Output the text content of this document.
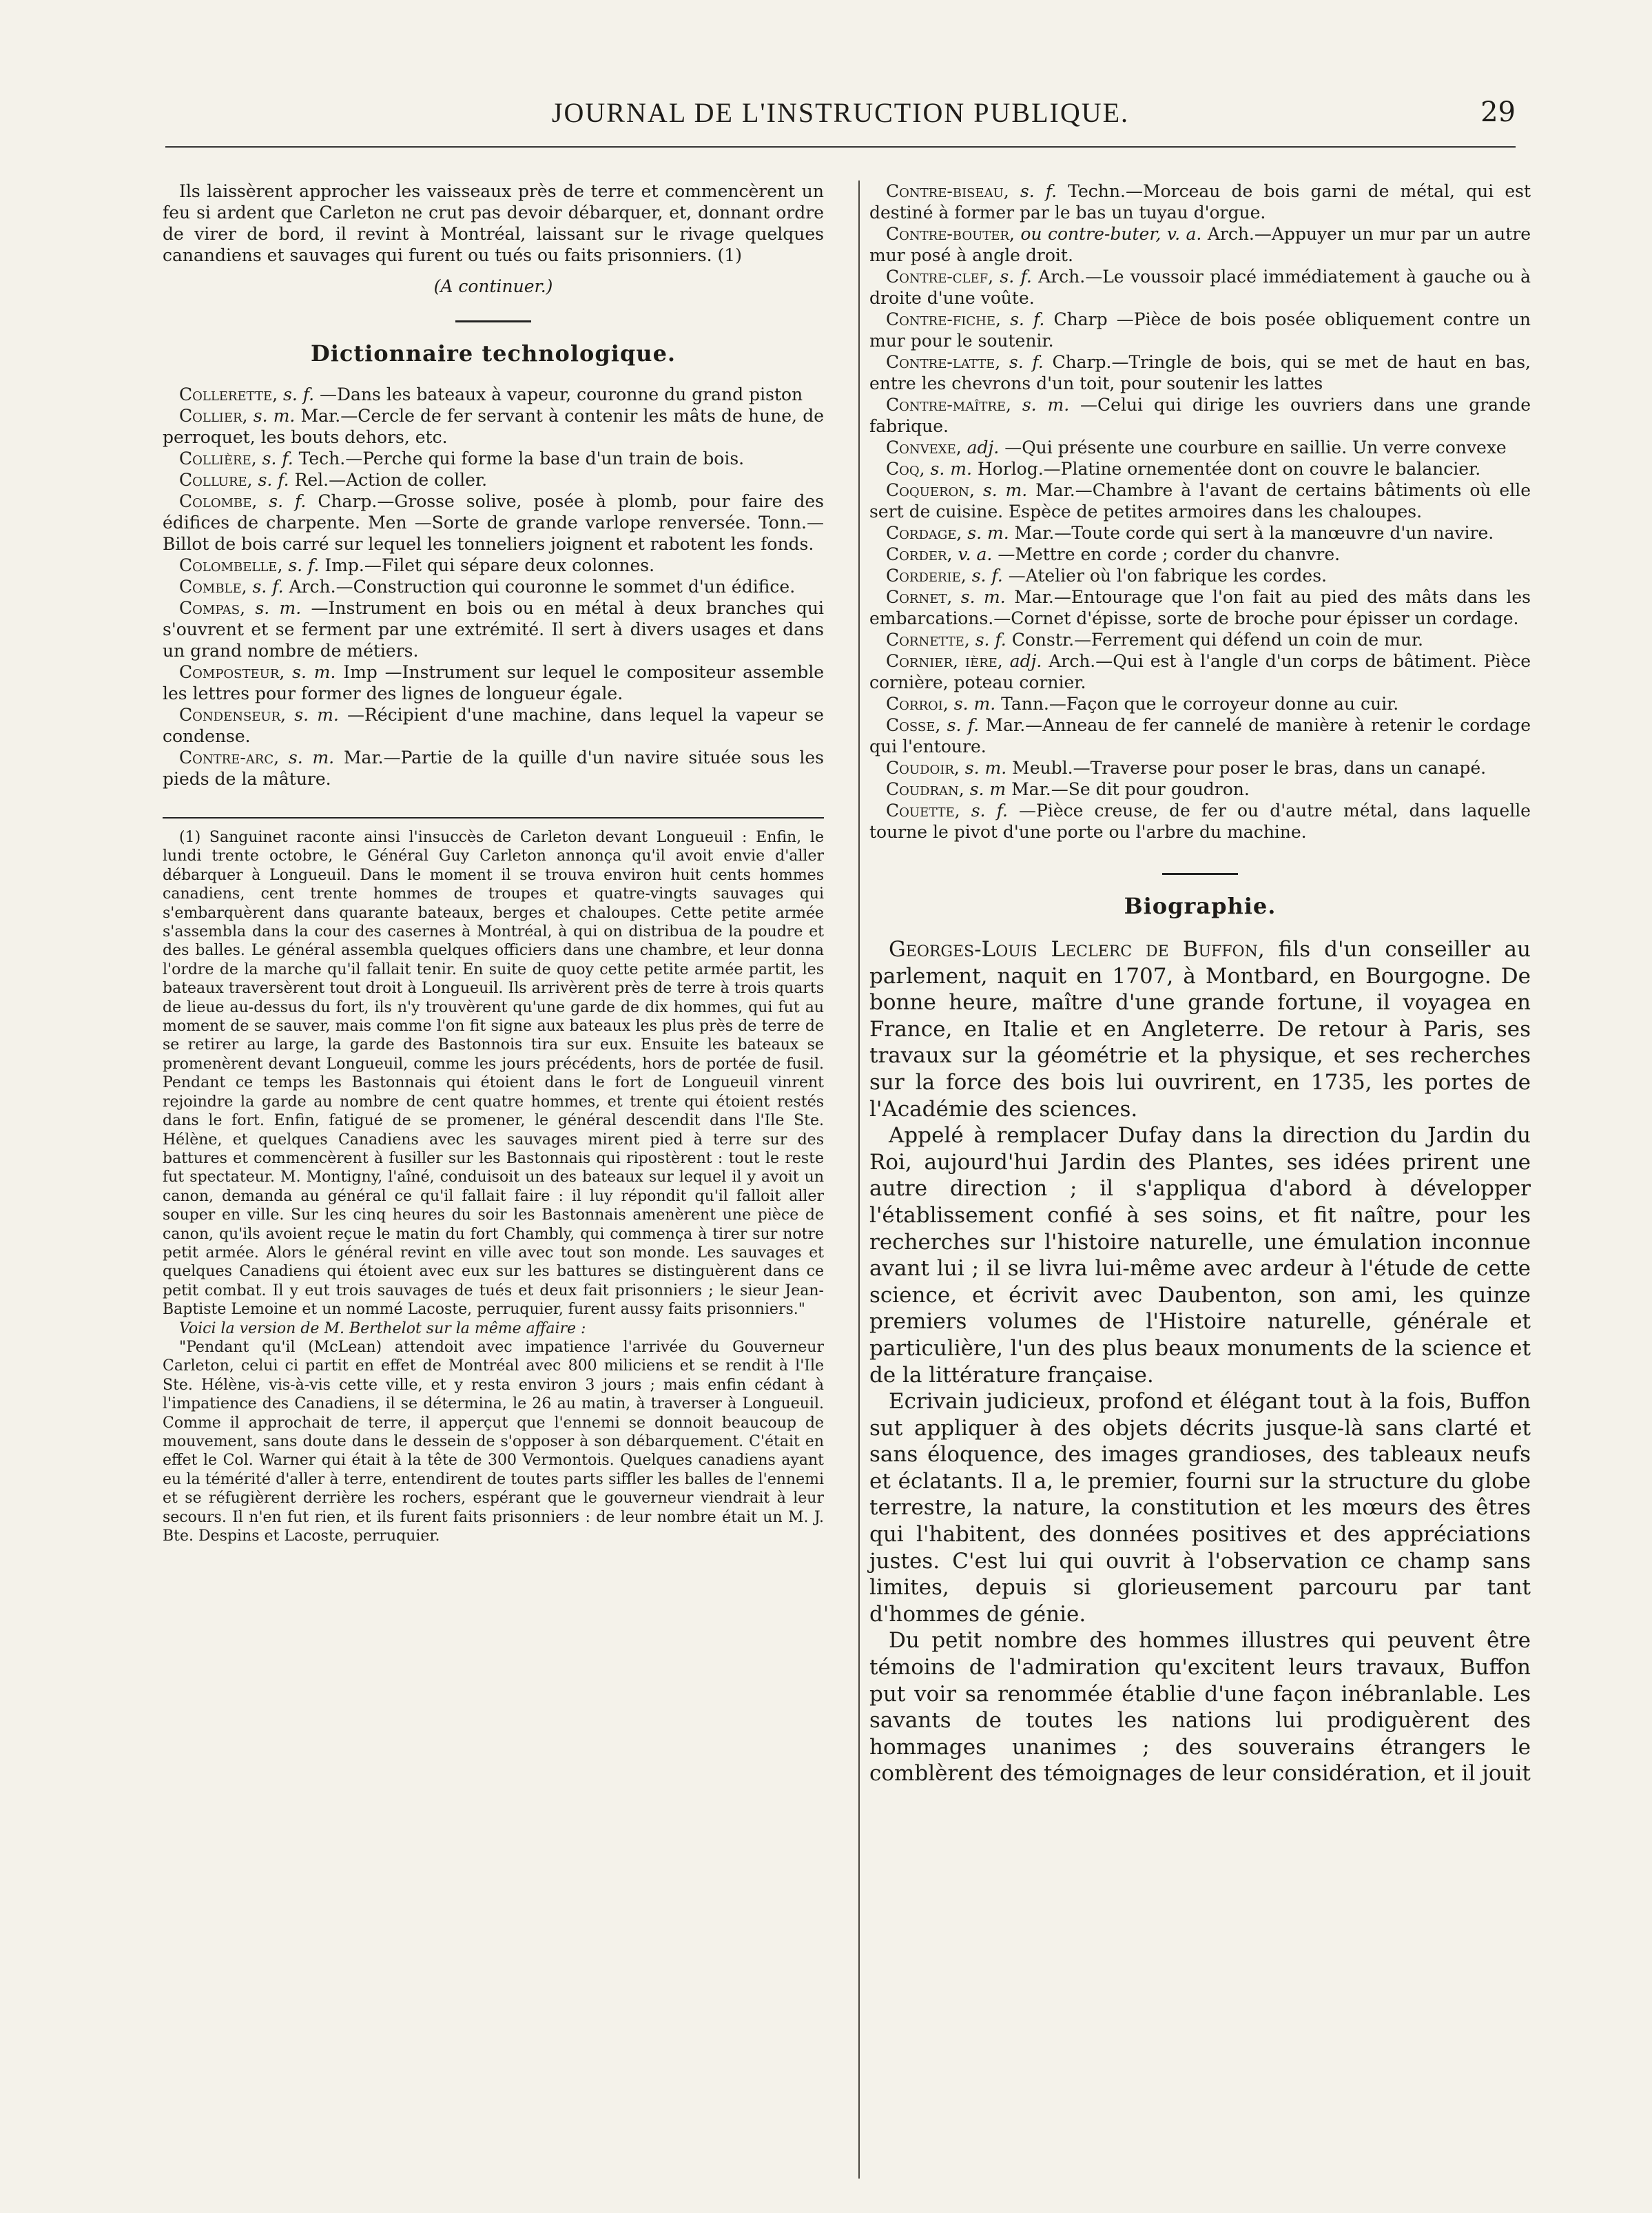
JOURNAL DE L'INSTRUCTION PUBLIQUE.	29

Ils laissèrent approcher les vaisseaux près de terre et commencèrent un feu si ardent que Carleton ne crut pas devoir débarquer, et, donnant ordre de virer de bord, il revint à Montréal, laissant sur le rivage quelques canandiens et sauvages qui furent ou tués ou faits prisonniers. (1)

(A continuer.)

Dictionnaire technologique.

Collerette, s. f. —Dans les bateaux à vapeur, couronne du grand piston

Collier, s. m. Mar.—Cercle de fer servant à contenir les mâts de hune, de perroquet, les bouts dehors, etc.

Collière, s. f. Tech.—Perche qui forme la base d'un train de bois.

Collure, s. f. Rel.—Action de coller.

Colombe, s. f. Charp.—Grosse solive, posée à plomb, pour faire des édifices de charpente. Men —Sorte de grande varlope renversée. Tonn.—Billot de bois carré sur lequel les tonneliers joignent et rabotent les fonds.

Colombelle, s. f. Imp.—Filet qui sépare deux colonnes.

Comble, s. f. Arch.—Construction qui couronne le sommet d'un édifice.

Compas, s. m. —Instrument en bois ou en métal à deux branches qui s'ouvrent et se ferment par une extrémité. Il sert à divers usages et dans un grand nombre de métiers.

Composteur, s. m. Imp —Instrument sur lequel le compositeur assemble les lettres pour former des lignes de longueur égale.

Condenseur, s. m. —Récipient d'une machine, dans lequel la vapeur se condense.

Contre-arc, s. m. Mar.—Partie de la quille d'un navire située sous les pieds de la mâture.

(1) Sanguinet raconte ainsi l'insuccès de Carleton devant Longueuil : Enfin, le lundi trente octobre, le Général Guy Carleton annonça qu'il avoit envie d'aller débarquer à Longueuil. Dans le moment il se trouva environ huit cents hommes canadiens, cent trente hommes de troupes et quatre-vingts sauvages qui s'embarquèrent dans quarante bateaux, berges et chaloupes. Cette petite armée s'assembla dans la cour des casernes à Montréal, à qui on distribua de la poudre et des balles. Le général assembla quelques officiers dans une chambre, et leur donna l'ordre de la marche qu'il fallait tenir. En suite de quoy cette petite armée partit, les bateaux traversèrent tout droit à Longueuil. Ils arrivèrent près de terre à trois quarts de lieue au-dessus du fort, ils n'y trouvèrent qu'une garde de dix hommes, qui fut au moment de se sauver, mais comme l'on fit signe aux bateaux les plus près de terre de se retirer au large, la garde des Bastonnois tira sur eux. Ensuite les bateaux se promenèrent devant Longueuil, comme les jours précédents, hors de portée de fusil. Pendant ce temps les Bastonnais qui étoient dans le fort de Longueuil vinrent rejoindre la garde au nombre de cent quatre hommes, et trente qui étoient restés dans le fort. Enfin, fatigué de se promener, le général descendit dans l'Ile Ste. Hélène, et quelques Canadiens avec les sauvages mirent pied à terre sur des battures et commencèrent à fusiller sur les Bastonnais qui ripostèrent : tout le reste fut spectateur. M. Montigny, l'aîné, conduisoit un des bateaux sur lequel il y avoit un canon, demanda au général ce qu'il fallait faire : il luy répondit qu'il falloit aller souper en ville. Sur les cinq heures du soir les Bastonnais amenèrent une pièce de canon, qu'ils avoient reçue le matin du fort Chambly, qui commença à tirer sur notre petit armée. Alors le général revint en ville avec tout son monde. Les sauvages et quelques Canadiens qui étoient avec eux sur les battures se distinguèrent dans ce petit combat. Il y eut trois sauvages de tués et deux fait prisonniers ; le sieur Jean-Baptiste Lemoine et un nommé Lacoste, perruquier, furent aussy faits prisonniers."

Voici la version de M. Berthelot sur la même affaire :

"Pendant qu'il (McLean) attendoit avec impatience l'arrivée du Gouverneur Carleton, celui ci partit en effet de Montréal avec 800 miliciens et se rendit à l'Ile Ste. Hélène, vis-à-vis cette ville, et y resta environ 3 jours ; mais enfin cédant à l'impatience des Canadiens, il se détermina, le 26 au matin, à traverser à Longueuil. Comme il approchait de terre, il apperçut que l'ennemi se donnoit beaucoup de mouvement, sans doute dans le dessein de s'opposer à son débarquement. C'était en effet le Col. Warner qui était à la tête de 300 Vermontois. Quelques canadiens ayant eu la témérité d'aller à terre, entendirent de toutes parts siffler les balles de l'ennemi et se réfugièrent derrière les rochers, espérant que le gouverneur viendrait à leur secours. Il n'en fut rien, et ils furent faits prisonniers : de leur nombre était un M. J. Bte. Despins et Lacoste, perruquier.

Contre-biseau, s. f. Techn.—Morceau de bois garni de métal, qui est destiné à former par le bas un tuyau d'orgue.

Contre-bouter, ou contre-buter, v. a. Arch.—Appuyer un mur par un autre mur posé à angle droit.

Contre-clef, s. f. Arch.—Le voussoir placé immédiatement à gauche ou à droite d'une voûte.

Contre-fiche, s. f. Charp —Pièce de bois posée obliquement contre un mur pour le soutenir.

Contre-latte, s. f. Charp.—Tringle de bois, qui se met de haut en bas, entre les chevrons d'un toit, pour soutenir les lattes

Contre-maître, s. m. —Celui qui dirige les ouvriers dans une grande fabrique.

Convexe, adj. —Qui présente une courbure en saillie. Un verre convexe

Coq, s. m. Horlog.—Platine ornementée dont on couvre le balancier.

Coqueron, s. m. Mar.—Chambre à l'avant de certains bâtiments où elle sert de cuisine. Espèce de petites armoires dans les chaloupes.

Cordage, s. m. Mar.—Toute corde qui sert à la manœuvre d'un navire.

Corder, v. a. —Mettre en corde ; corder du chanvre.

Corderie, s. f. —Atelier où l'on fabrique les cordes.

Cornet, s. m. Mar.—Entourage que l'on fait au pied des mâts dans les embarcations.—Cornet d'épisse, sorte de broche pour épisser un cordage.

Cornette, s. f. Constr.—Ferrement qui défend un coin de mur.

Cornier, ière, adj. Arch.—Qui est à l'angle d'un corps de bâtiment. Pièce cornière, poteau cornier.

Corroi, s. m. Tann.—Façon que le corroyeur donne au cuir.

Cosse, s. f. Mar.—Anneau de fer cannelé de manière à retenir le cordage qui l'entoure.

Coudoir, s. m. Meubl.—Traverse pour poser le bras, dans un canapé.

Coudran, s. m Mar.—Se dit pour goudron.

Couette, s. f. —Pièce creuse, de fer ou d'autre métal, dans laquelle tourne le pivot d'une porte ou l'arbre du machine.

Biographie.

Georges-Louis Leclerc de Buffon, fils d'un conseiller au parlement, naquit en 1707, à Montbard, en Bourgogne. De bonne heure, maître d'une grande fortune, il voyagea en France, en Italie et en Angleterre. De retour à Paris, ses travaux sur la géométrie et la physique, et ses recherches sur la force des bois lui ouvrirent, en 1735, les portes de l'Académie des sciences.

Appelé à remplacer Dufay dans la direction du Jardin du Roi, aujourd'hui Jardin des Plantes, ses idées prirent une autre direction ; il s'appliqua d'abord à développer l'établissement confié à ses soins, et fit naître, pour les recherches sur l'histoire naturelle, une émulation inconnue avant lui ; il se livra lui-même avec ardeur à l'étude de cette science, et écrivit avec Daubenton, son ami, les quinze premiers volumes de l'Histoire naturelle, générale et particulière, l'un des plus beaux monuments de la science et de la littérature française.

Ecrivain judicieux, profond et élégant tout à la fois, Buffon sut appliquer à des objets décrits jusque-là sans clarté et sans éloquence, des images grandioses, des tableaux neufs et éclatants. Il a, le premier, fourni sur la structure du globe terrestre, la nature, la constitution et les mœurs des êtres qui l'habitent, des données positives et des appréciations justes. C'est lui qui ouvrit à l'observation ce champ sans limites, depuis si glorieusement parcouru par tant d'hommes de génie.

Du petit nombre des hommes illustres qui peuvent être témoins de l'admiration qu'excitent leurs travaux, Buffon put voir sa renommée établie d'une façon inébranlable. Les savants de toutes les nations lui prodiguèrent des hommages unanimes ; des souverains étrangers le comblèrent des témoignages de leur considération, et il jouit
